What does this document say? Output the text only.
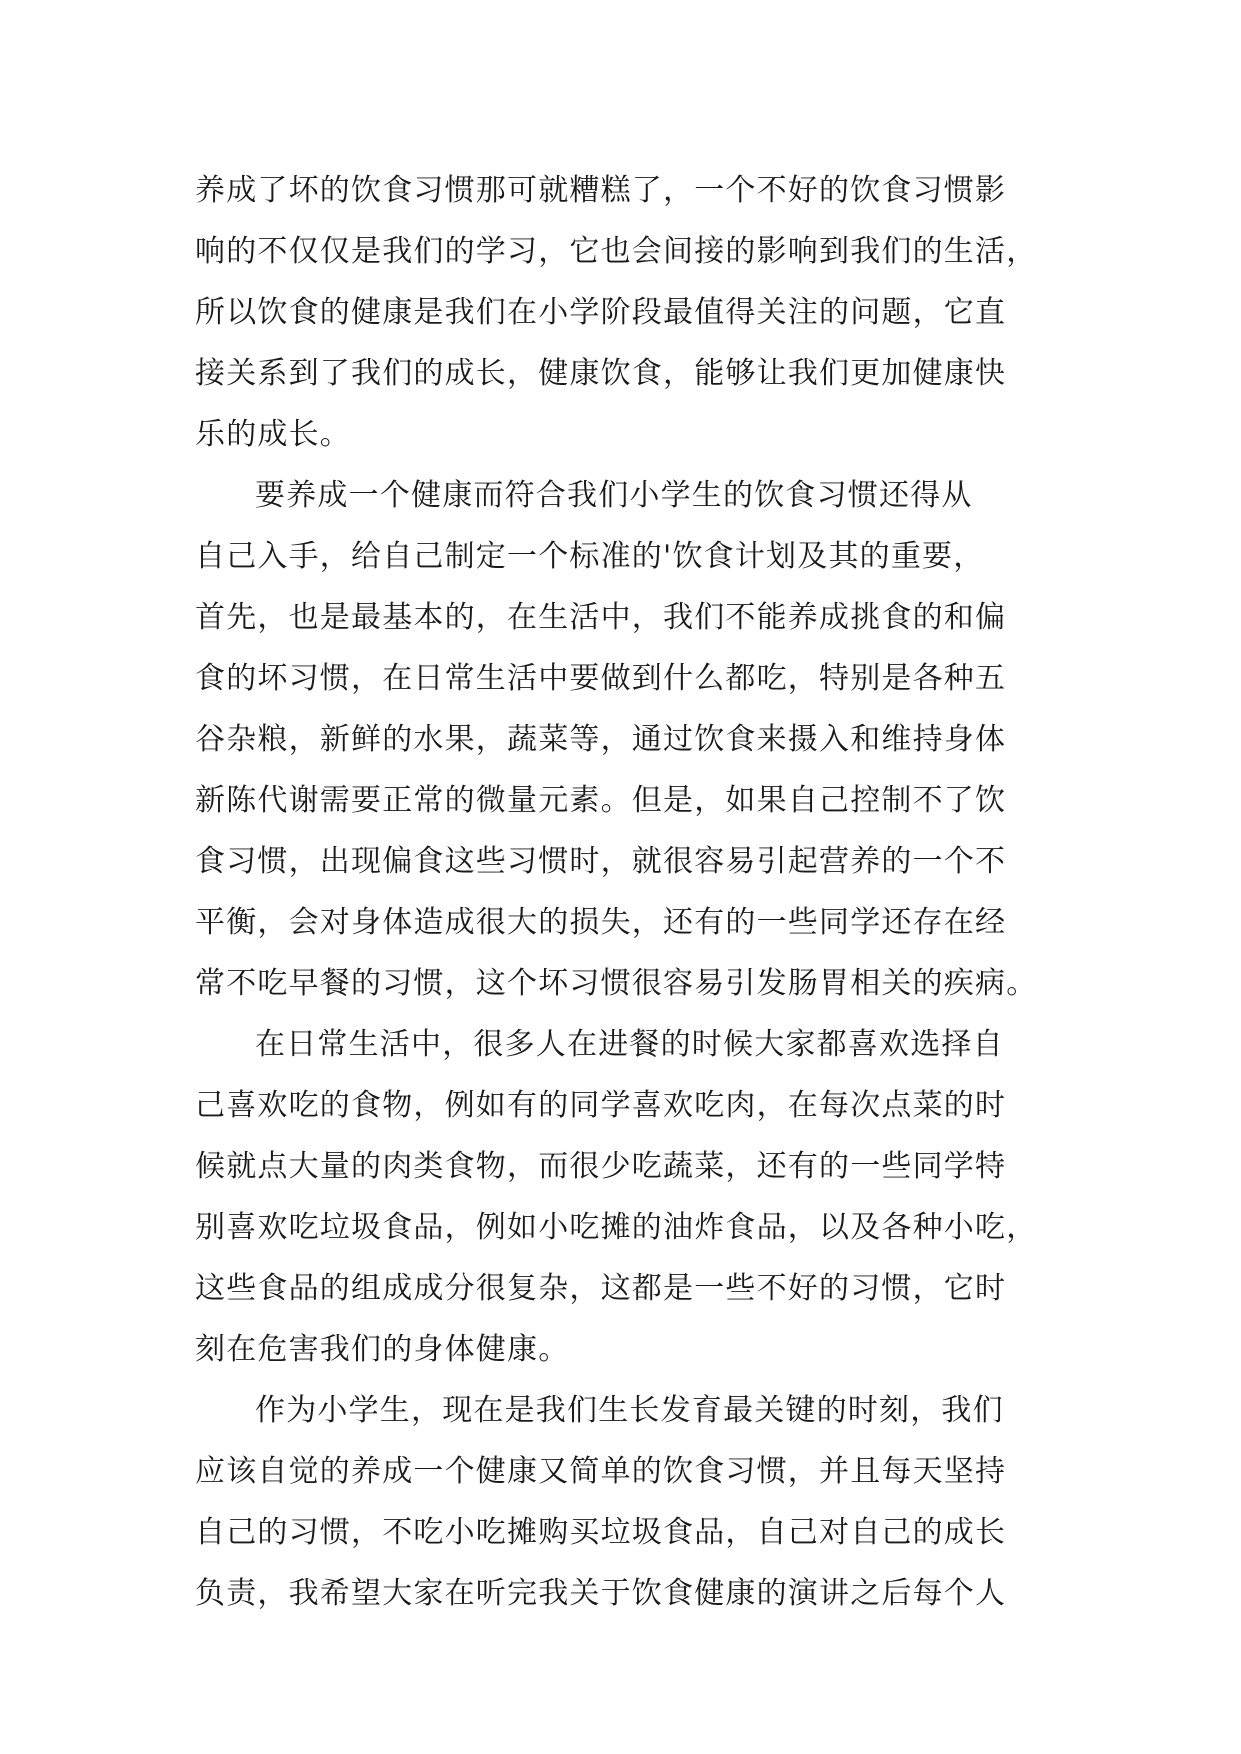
养成了坏的饮食习惯那可就糟糕了，一个不好的饮食习惯影
响的不仅仅是我们的学习，它也会间接的影响到我们的生活，
所以饮食的健康是我们在小学阶段最值得关注的问题，它直
接关系到了我们的成长，健康饮食，能够让我们更加健康快
乐的成长。
要养成一个健康而符合我们小学生的饮食习惯还得从
自己入手，给自己制定一个标准的'饮食计划及其的重要，
首先，也是最基本的，在生活中，我们不能养成挑食的和偏
食的坏习惯，在日常生活中要做到什么都吃，特别是各种五
谷杂粮，新鲜的水果，蔬菜等，通过饮食来摄入和维持身体
新陈代谢需要正常的微量元素。但是，如果自己控制不了饮
食习惯，出现偏食这些习惯时，就很容易引起营养的一个不
平衡，会对身体造成很大的损失，还有的一些同学还存在经
常不吃早餐的习惯，这个坏习惯很容易引发肠胃相关的疾病。
在日常生活中，很多人在进餐的时候大家都喜欢选择自
己喜欢吃的食物，例如有的同学喜欢吃肉，在每次点菜的时
候就点大量的肉类食物，而很少吃蔬菜，还有的一些同学特
别喜欢吃垃圾食品，例如小吃摊的油炸食品，以及各种小吃，
这些食品的组成成分很复杂，这都是一些不好的习惯，它时
刻在危害我们的身体健康。
作为小学生，现在是我们生长发育最关键的时刻，我们
应该自觉的养成一个健康又简单的饮食习惯，并且每天坚持
自己的习惯，不吃小吃摊购买垃圾食品，自己对自己的成长
负责，我希望大家在听完我关于饮食健康的演讲之后每个人
